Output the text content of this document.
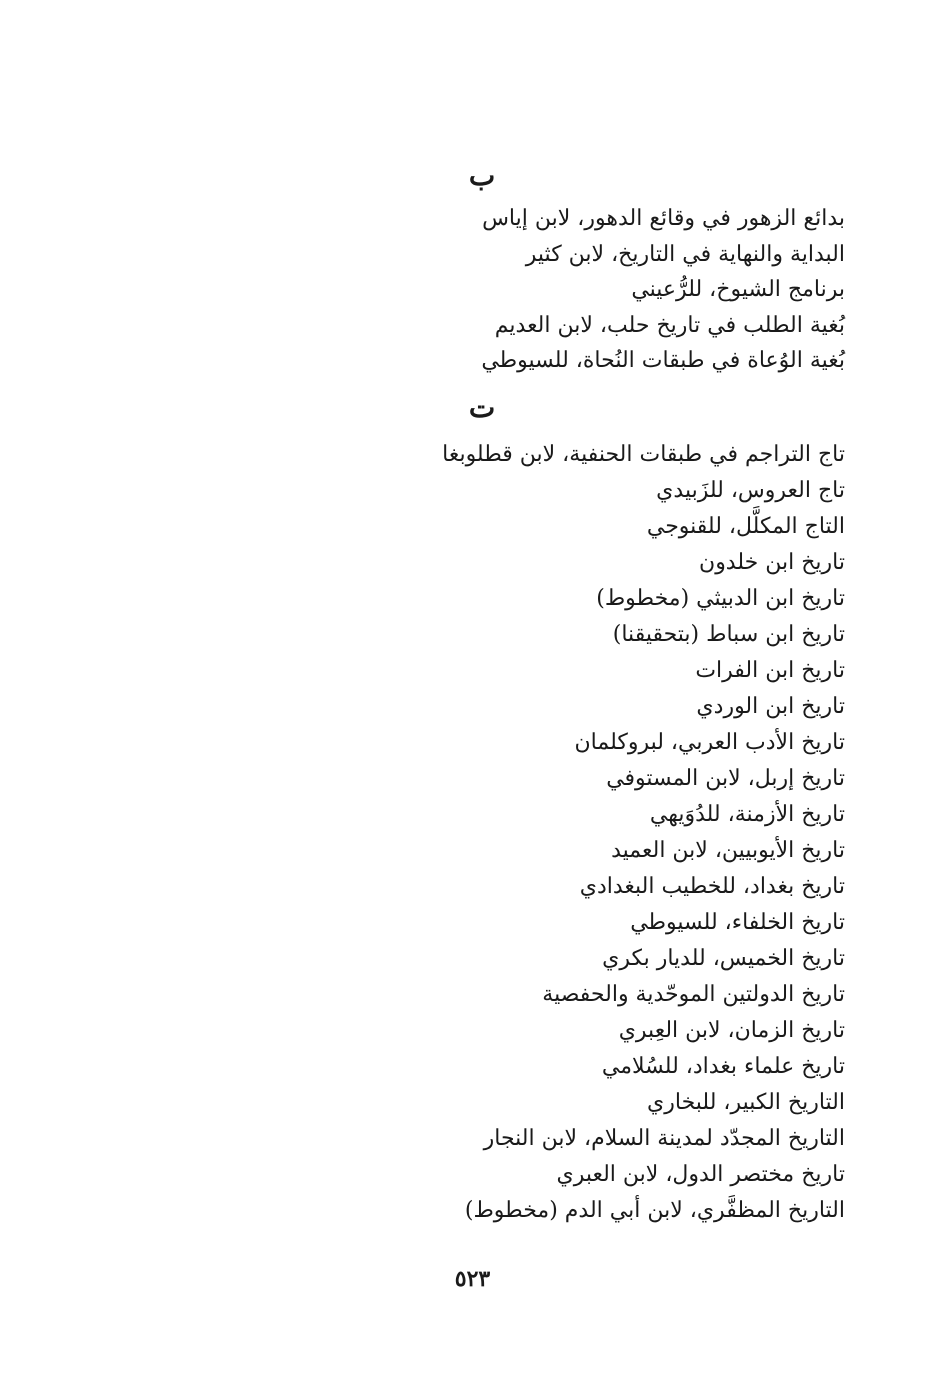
ب
بدائع الزهور في وقائع الدهور، لابن إياس
البداية والنهاية في التاريخ، لابن كثير
برنامج الشيوخ، للرُّعيني
بُغية الطلب في تاريخ حلب، لابن العديم
بُغية الوُعاة في طبقات النُحاة، للسيوطي
ت
تاج التراجم في طبقات الحنفية، لابن قطلوبغا
تاج العروس، للزَبيدي
التاج المكلَّل، للقنوجي
تاريخ ابن خلدون
تاريخ ابن الدبيثي (مخطوط)
تاريخ ابن سباط (بتحقيقنا)
تاريخ ابن الفرات
تاريخ ابن الوردي
تاريخ الأدب العربي، لبروكلمان
تاريخ إربل، لابن المستوفي
تاريخ الأزمنة، للدُوَيهي
تاريخ الأيوبيين، لابن العميد
تاريخ بغداد، للخطيب البغدادي
تاريخ الخلفاء، للسيوطي
تاريخ الخميس، للديار بكري
تاريخ الدولتين الموحّدية والحفصية
تاريخ الزمان، لابن العِبري
تاريخ علماء بغداد، للسُلامي
التاريخ الكبير، للبخاري
التاريخ المجدّد لمدينة السلام، لابن النجار
تاريخ مختصر الدول، لابن العبري
التاريخ المظفَّري، لابن أبي الدم (مخطوط)
٥٢٣
